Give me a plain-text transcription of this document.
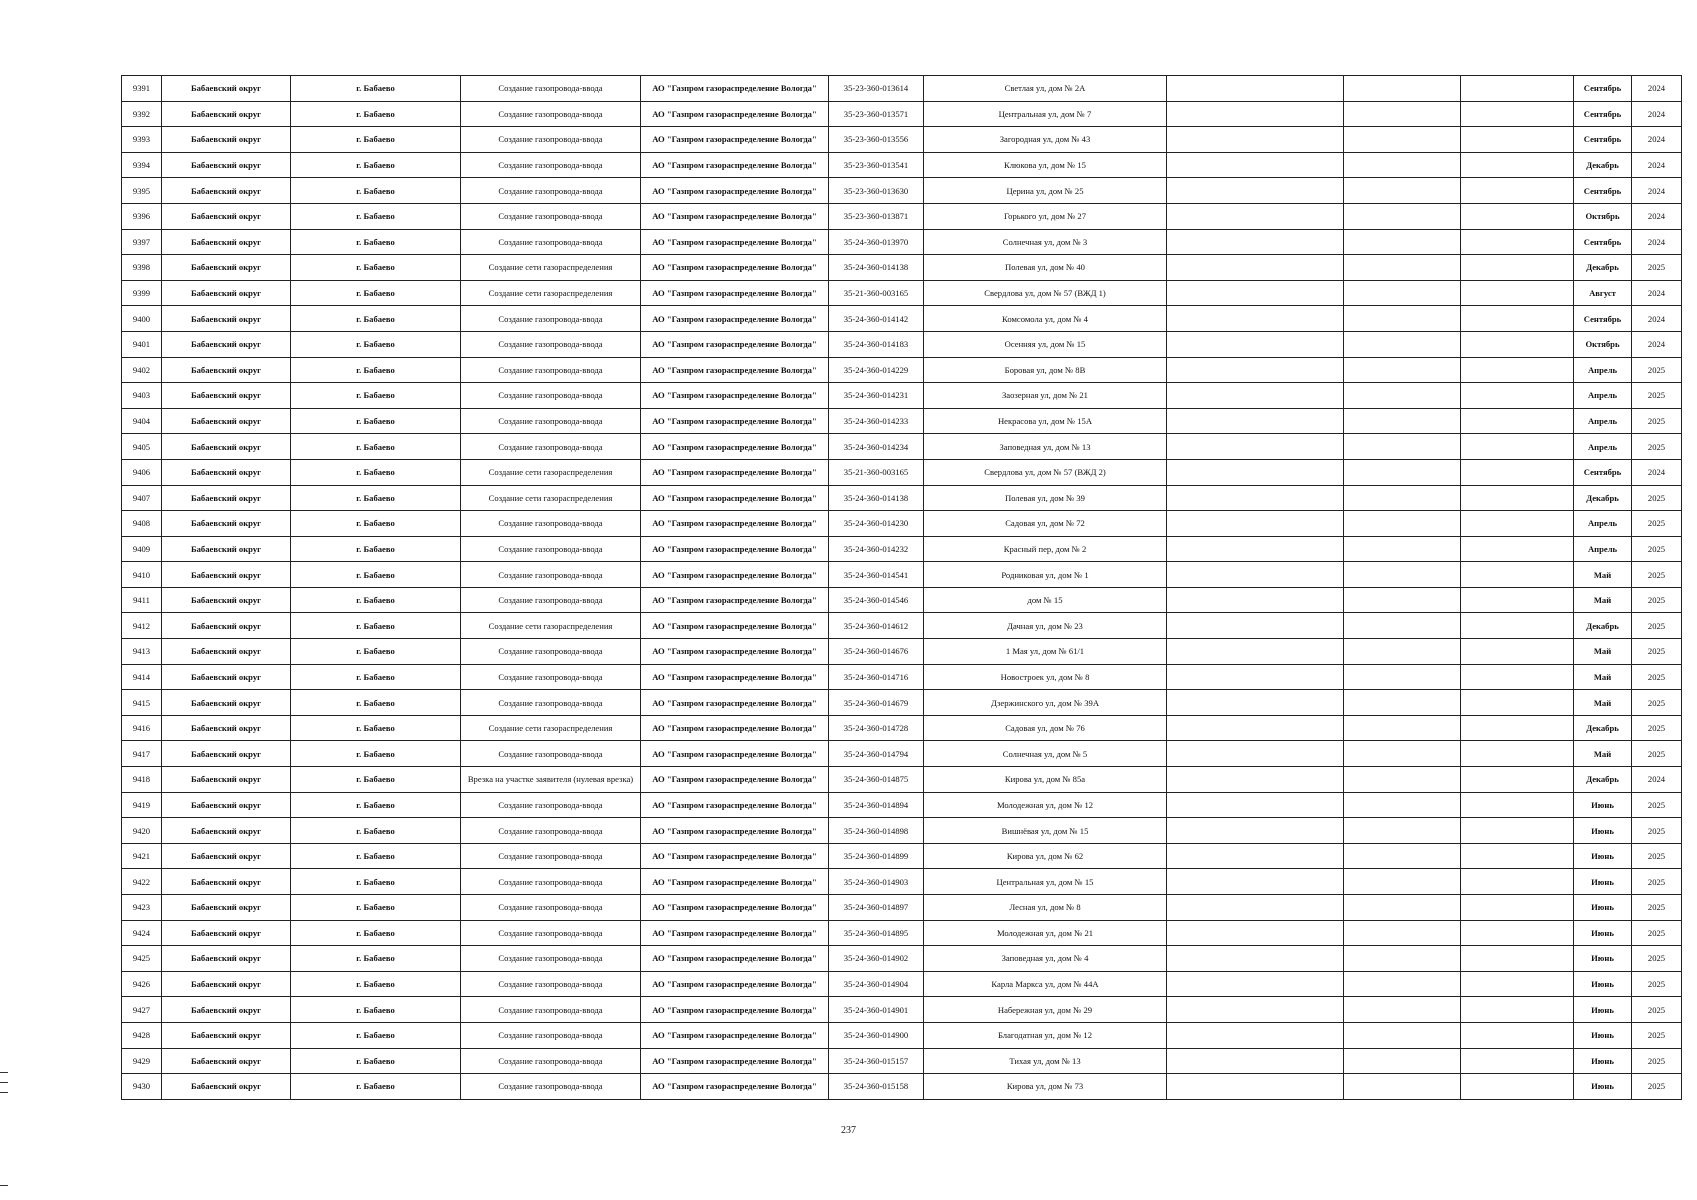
9391	Бабаевский округ	г. Бабаево	Создание газопровода-ввода	АО "Газпром газораспределение Вологда"	35-23-360-013614	Светлая ул, дом № 2А				Сентябрь	2024
9392	Бабаевский округ	г. Бабаево	Создание газопровода-ввода	АО "Газпром газораспределение Вологда"	35-23-360-013571	Центральная ул, дом № 7				Сентябрь	2024
9393	Бабаевский округ	г. Бабаево	Создание газопровода-ввода	АО "Газпром газораспределение Вологда"	35-23-360-013556	Загородная ул, дом № 43				Сентябрь	2024
9394	Бабаевский округ	г. Бабаево	Создание газопровода-ввода	АО "Газпром газораспределение Вологда"	35-23-360-013541	Клюкова ул, дом № 15				Декабрь	2024
9395	Бабаевский округ	г. Бабаево	Создание газопровода-ввода	АО "Газпром газораспределение Вологда"	35-23-360-013630	Церина ул, дом № 25				Сентябрь	2024
9396	Бабаевский округ	г. Бабаево	Создание газопровода-ввода	АО "Газпром газораспределение Вологда"	35-23-360-013871	Горького ул, дом № 27				Октябрь	2024
9397	Бабаевский округ	г. Бабаево	Создание газопровода-ввода	АО "Газпром газораспределение Вологда"	35-24-360-013970	Солнечная ул, дом № 3				Сентябрь	2024
9398	Бабаевский округ	г. Бабаево	Создание сети газораспределения	АО "Газпром газораспределение Вологда"	35-24-360-014138	Полевая ул, дом № 40				Декабрь	2025
9399	Бабаевский округ	г. Бабаево	Создание сети газораспределения	АО "Газпром газораспределение Вологда"	35-21-360-003165	Свердлова ул, дом № 57 (ВЖД 1)				Август	2024
9400	Бабаевский округ	г. Бабаево	Создание газопровода-ввода	АО "Газпром газораспределение Вологда"	35-24-360-014142	Комсомола ул, дом № 4				Сентябрь	2024
9401	Бабаевский округ	г. Бабаево	Создание газопровода-ввода	АО "Газпром газораспределение Вологда"	35-24-360-014183	Осенняя ул, дом № 15				Октябрь	2024
9402	Бабаевский округ	г. Бабаево	Создание газопровода-ввода	АО "Газпром газораспределение Вологда"	35-24-360-014229	Боровая ул, дом № 8В				Апрель	2025
9403	Бабаевский округ	г. Бабаево	Создание газопровода-ввода	АО "Газпром газораспределение Вологда"	35-24-360-014231	Заозерная ул, дом № 21				Апрель	2025
9404	Бабаевский округ	г. Бабаево	Создание газопровода-ввода	АО "Газпром газораспределение Вологда"	35-24-360-014233	Некрасова ул, дом № 15А				Апрель	2025
9405	Бабаевский округ	г. Бабаево	Создание газопровода-ввода	АО "Газпром газораспределение Вологда"	35-24-360-014234	Заповедная ул, дом № 13				Апрель	2025
9406	Бабаевский округ	г. Бабаево	Создание сети газораспределения	АО "Газпром газораспределение Вологда"	35-21-360-003165	Свердлова ул, дом № 57 (ВЖД 2)				Сентябрь	2024
9407	Бабаевский округ	г. Бабаево	Создание сети газораспределения	АО "Газпром газораспределение Вологда"	35-24-360-014138	Полевая ул, дом № 39				Декабрь	2025
9408	Бабаевский округ	г. Бабаево	Создание газопровода-ввода	АО "Газпром газораспределение Вологда"	35-24-360-014230	Садовая ул, дом № 72				Апрель	2025
9409	Бабаевский округ	г. Бабаево	Создание газопровода-ввода	АО "Газпром газораспределение Вологда"	35-24-360-014232	Красный пер, дом № 2				Апрель	2025
9410	Бабаевский округ	г. Бабаево	Создание газопровода-ввода	АО "Газпром газораспределение Вологда"	35-24-360-014541	Родниковая ул, дом № 1				Май	2025
9411	Бабаевский округ	г. Бабаево	Создание газопровода-ввода	АО "Газпром газораспределение Вологда"	35-24-360-014546	дом № 15				Май	2025
9412	Бабаевский округ	г. Бабаево	Создание сети газораспределения	АО "Газпром газораспределение Вологда"	35-24-360-014612	Дачная ул, дом № 23				Декабрь	2025
9413	Бабаевский округ	г. Бабаево	Создание газопровода-ввода	АО "Газпром газораспределение Вологда"	35-24-360-014676	1 Мая ул, дом № 61/1				Май	2025
9414	Бабаевский округ	г. Бабаево	Создание газопровода-ввода	АО "Газпром газораспределение Вологда"	35-24-360-014716	Новостроек ул, дом № 8				Май	2025
9415	Бабаевский округ	г. Бабаево	Создание газопровода-ввода	АО "Газпром газораспределение Вологда"	35-24-360-014679	Дзержинского ул, дом № 39А				Май	2025
9416	Бабаевский округ	г. Бабаево	Создание сети газораспределения	АО "Газпром газораспределение Вологда"	35-24-360-014728	Садовая ул, дом № 76				Декабрь	2025
9417	Бабаевский округ	г. Бабаево	Создание газопровода-ввода	АО "Газпром газораспределение Вологда"	35-24-360-014794	Солнечная ул, дом № 5				Май	2025
9418	Бабаевский округ	г. Бабаево	Врезка на участке заявителя (нулевая врезка)	АО "Газпром газораспределение Вологда"	35-24-360-014875	Кирова ул, дом № 85а				Декабрь	2024
9419	Бабаевский округ	г. Бабаево	Создание газопровода-ввода	АО "Газпром газораспределение Вологда"	35-24-360-014894	Молодежная ул, дом № 12				Июнь	2025
9420	Бабаевский округ	г. Бабаево	Создание газопровода-ввода	АО "Газпром газораспределение Вологда"	35-24-360-014898	Вишнёвая ул, дом № 15				Июнь	2025
9421	Бабаевский округ	г. Бабаево	Создание газопровода-ввода	АО "Газпром газораспределение Вологда"	35-24-360-014899	Кирова ул, дом № 62				Июнь	2025
9422	Бабаевский округ	г. Бабаево	Создание газопровода-ввода	АО "Газпром газораспределение Вологда"	35-24-360-014903	Центральная ул, дом № 15				Июнь	2025
9423	Бабаевский округ	г. Бабаево	Создание газопровода-ввода	АО "Газпром газораспределение Вологда"	35-24-360-014897	Лесная ул, дом № 8				Июнь	2025
9424	Бабаевский округ	г. Бабаево	Создание газопровода-ввода	АО "Газпром газораспределение Вологда"	35-24-360-014895	Молодежная ул, дом № 21				Июнь	2025
9425	Бабаевский округ	г. Бабаево	Создание газопровода-ввода	АО "Газпром газораспределение Вологда"	35-24-360-014902	Заповедная ул, дом № 4				Июнь	2025
9426	Бабаевский округ	г. Бабаево	Создание газопровода-ввода	АО "Газпром газораспределение Вологда"	35-24-360-014904	Карла Маркса ул, дом № 44А				Июнь	2025
9427	Бабаевский округ	г. Бабаево	Создание газопровода-ввода	АО "Газпром газораспределение Вологда"	35-24-360-014901	Набережная ул, дом № 29				Июнь	2025
9428	Бабаевский округ	г. Бабаево	Создание газопровода-ввода	АО "Газпром газораспределение Вологда"	35-24-360-014900	Благодатная ул, дом № 12				Июнь	2025
9429	Бабаевский округ	г. Бабаево	Создание газопровода-ввода	АО "Газпром газораспределение Вологда"	35-24-360-015157	Тихая ул, дом № 13				Июнь	2025
9430	Бабаевский округ	г. Бабаево	Создание газопровода-ввода	АО "Газпром газораспределение Вологда"	35-24-360-015158	Кирова ул, дом № 73				Июнь	2025
237
